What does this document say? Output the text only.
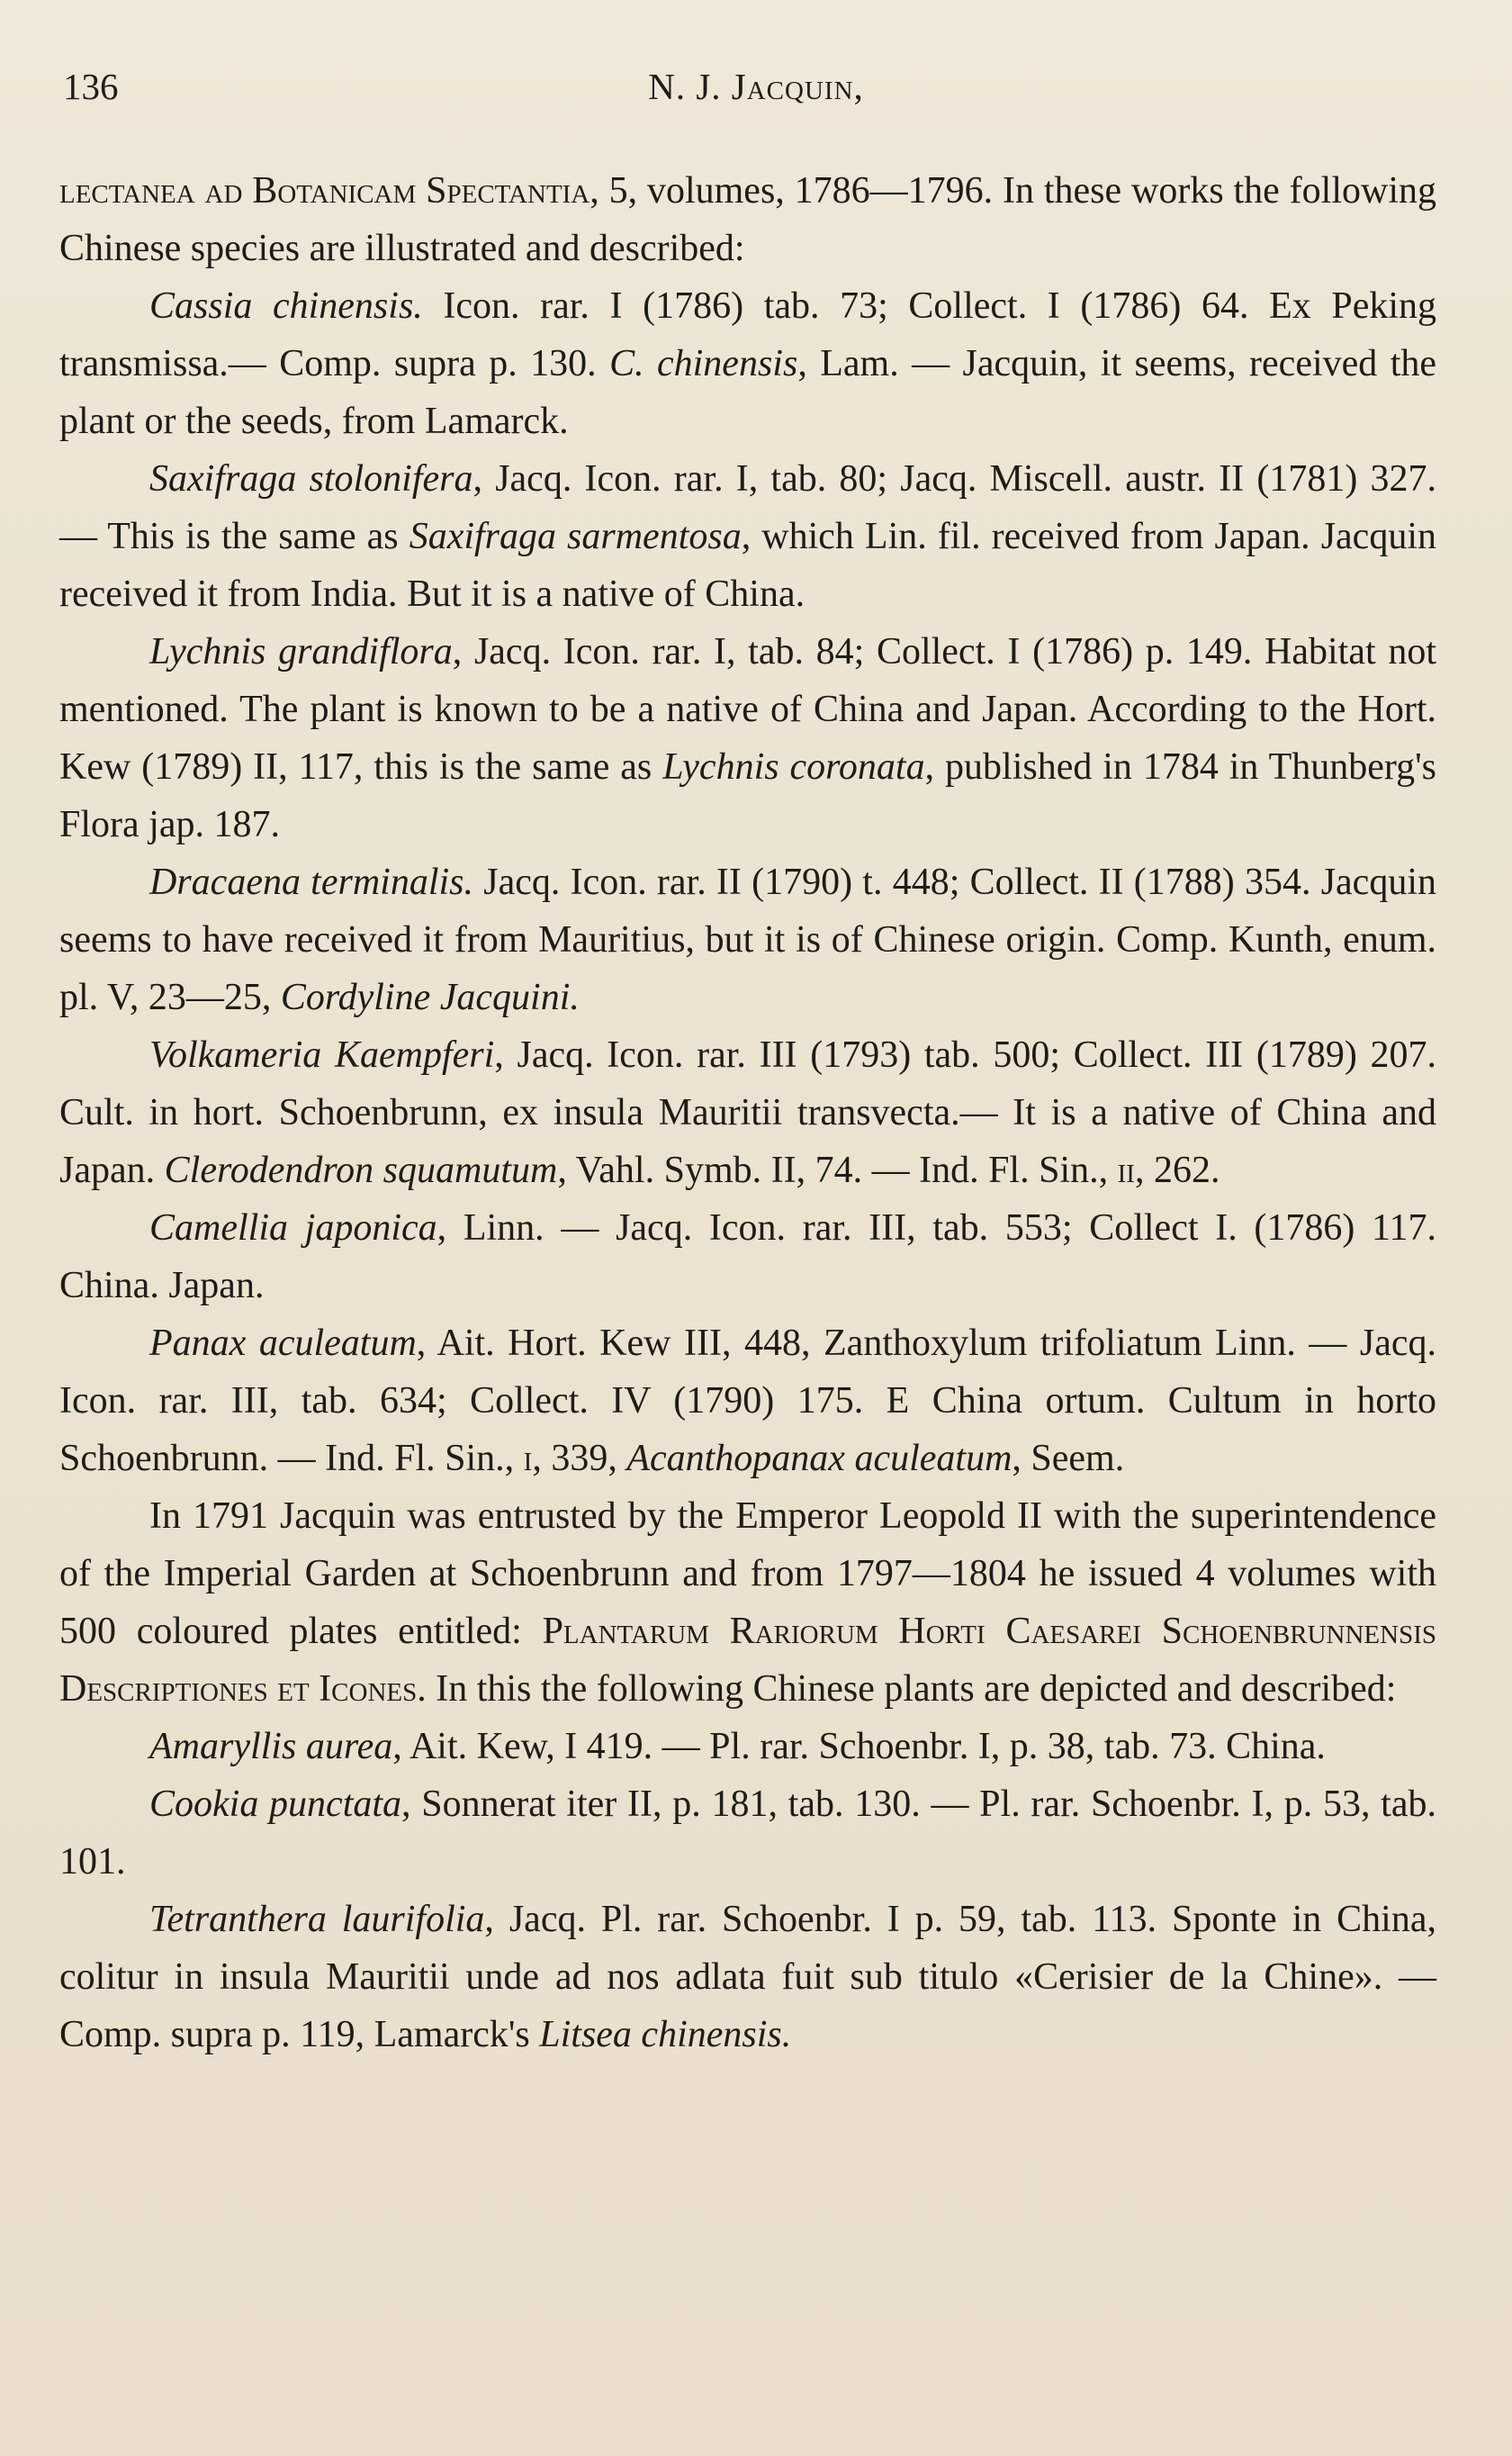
136	N. J. Jacquin,

lectanea ad Botanicam Spectantia, 5, volumes, 1786—1796. In these works the following Chinese species are illustrated and described:

Cassia chinensis. Icon. rar. I (1786) tab. 73; Collect. I (1786) 64. Ex Peking transmissa.— Comp. supra p. 130. C. chinensis, Lam. — Jacquin, it seems, received the plant or the seeds, from Lamarck.

Saxifraga stolonifera, Jacq. Icon. rar. I, tab. 80; Jacq. Miscell. austr. II (1781) 327. — This is the same as Saxifraga sarmentosa, which Lin. fil. received from Japan. Jacquin received it from India. But it is a native of China.

Lychnis grandiflora, Jacq. Icon. rar. I, tab. 84; Collect. I (1786) p. 149. Habitat not mentioned. The plant is known to be a native of China and Japan. According to the Hort. Kew (1789) II, 117, this is the same as Lychnis coronata, published in 1784 in Thunberg's Flora jap. 187.

Dracaena terminalis. Jacq. Icon. rar. II (1790) t. 448; Collect. II (1788) 354. Jacquin seems to have received it from Mauritius, but it is of Chinese origin. Comp. Kunth, enum. pl. V, 23—25, Cordyline Jacquini.

Volkameria Kaempferi, Jacq. Icon. rar. III (1793) tab. 500; Collect. III (1789) 207. Cult. in hort. Schoenbrunn, ex insula Mauritii transvecta.— It is a native of China and Japan. Clerodendron squamutum, Vahl. Symb. II, 74. — Ind. Fl. Sin., ii, 262.

Camellia japonica, Linn. — Jacq. Icon. rar. III, tab. 553; Collect I. (1786) 117. China. Japan.

Panax aculeatum, Ait. Hort. Kew III, 448, Zanthoxylum trifoliatum Linn. — Jacq. Icon. rar. III, tab. 634; Collect. IV (1790) 175. E China ortum. Cultum in horto Schoenbrunn. — Ind. Fl. Sin., i, 339, Acanthopanax aculeatum, Seem.

In 1791 Jacquin was entrusted by the Emperor Leopold II with the superintendence of the Imperial Garden at Schoenbrunn and from 1797—1804 he issued 4 volumes with 500 coloured plates entitled: Plantarum Rariorum Horti Caesarei Schoenbrunnensis Descriptiones et Icones. In this the following Chinese plants are depicted and described:

Amaryllis aurea, Ait. Kew, I 419. — Pl. rar. Schoenbr. I, p. 38, tab. 73. China.

Cookia punctata, Sonnerat iter II, p. 181, tab. 130. — Pl. rar. Schoenbr. I, p. 53, tab. 101.

Tetranthera laurifolia, Jacq. Pl. rar. Schoenbr. I p. 59, tab. 113. Sponte in China, colitur in insula Mauritii unde ad nos adlata fuit sub titulo «Cerisier de la Chine». — Comp. supra p. 119, Lamarck's Litsea chinensis.
